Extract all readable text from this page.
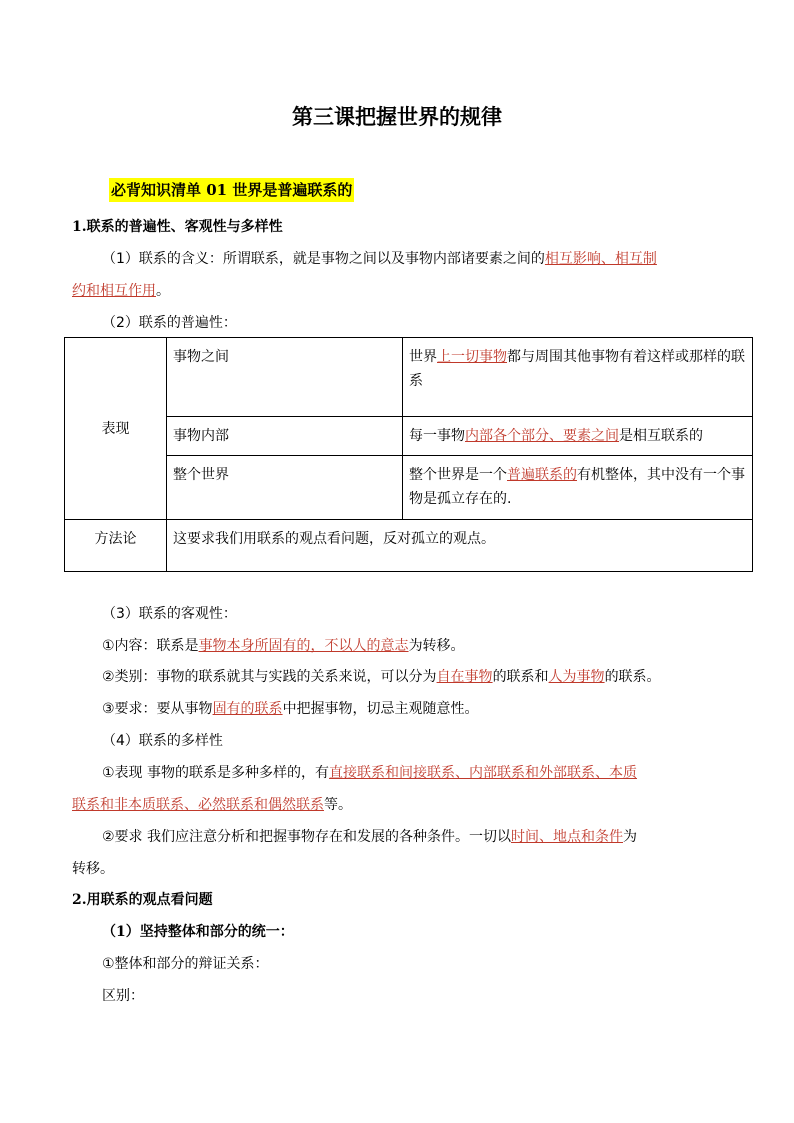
第三课把握世界的规律
必背知识清单 01 世界是普遍联系的
1.联系的普遍性、客观性与多样性
（1）联系的含义：所谓联系，就是事物之间以及事物内部诸要素之间的相互影响、相互制
约和相互作用。
（2）联系的普遍性：
表现	事物之间	世界上一切事物都与周围其他事物有着这样或那样的联系
	事物内部	每一事物内部各个部分、要素之间是相互联系的
	整个世界	整个世界是一个普遍联系的有机整体，其中没有一个事物是孤立存在的.
方法论	这要求我们用联系的观点看问题，反对孤立的观点。	
（3）联系的客观性：
①内容：联系是事物本身所固有的，不以人的意志为转移。
②类别：事物的联系就其与实践的关系来说，可以分为自在事物的联系和人为事物的联系。
③要求：要从事物固有的联系中把握事物，切忌主观随意性。
（4）联系的多样性
①表现 事物的联系是多种多样的，有直接联系和间接联系、内部联系和外部联系、本质
联系和非本质联系、必然联系和偶然联系等。
②要求 我们应注意分析和把握事物存在和发展的各种条件。一切以时间、地点和条件为
转移。
2.用联系的观点看问题
（1）坚持整体和部分的统一：
①整体和部分的辩证关系：
区别：
